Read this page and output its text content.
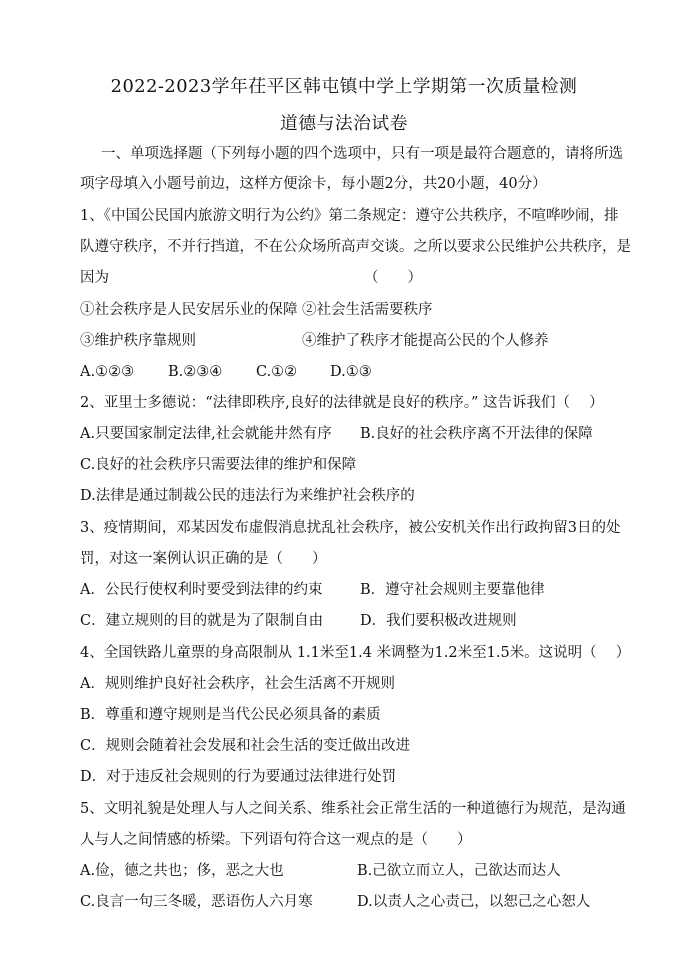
2022-2023学年茌平区韩屯镇中学上学期第一次质量检测
道德与法治试卷
一、单项选择题（下列每小题的四个选项中，只有一项是最符合题意的，请将所选
项字母填入小题号前边，这样方便涂卡，每小题2分，共20小题，40分）
1、《中国公民国内旅游文明行为公约》第二条规定：遵守公共秩序，不喧哗吵闹，排
队遵守秩序，不并行挡道，不在公众场所高声交谈。之所以要求公民维护公共秩序，是
因为	（　　）
①社会秩序是人民安居乐业的保障 ②社会生活需要秩序
③维护秩序靠规则	④维护了秩序才能提高公民的个人修养
A.①②③ B.②③④ C.①② D.①③
2、亚里士多德说：“法律即秩序,良好的法律就是良好的秩序。” 这告诉我们（　 ）
A.只要国家制定法律,社会就能井然有序 B.良好的社会秩序离不开法律的保障
C.良好的社会秩序只需要法律的维护和保障
D.法律是通过制裁公民的违法行为来维护社会秩序的
3、疫情期间，邓某因发布虚假消息扰乱社会秩序，被公安机关作出行政拘留3日的处
罚，对这一案例认识正确的是（　　）
A．公民行使权利时要受到法律的约束	B．遵守社会规则主要靠他律
C．建立规则的目的就是为了限制自由	D．我们要积极改进规则
4、全国铁路儿童票的身高限制从 1.1米至1.4 米调整为1.2米至1.5米。这说明（　 ）
A．规则维护良好社会秩序，社会生活离不开规则
B．尊重和遵守规则是当代公民必须具备的素质
C．规则会随着社会发展和社会生活的变迁做出改进
D．对于违反社会规则的行为要通过法律进行处罚
5、文明礼貌是处理人与人之间关系、维系社会正常生活的一种道德行为规范，是沟通
人与人之间情感的桥梁。下列语句符合这一观点的是（　　）
A.俭，德之共也；侈，恶之大也	B.己欲立而立人，己欲达而达人
C.良言一句三冬暖，恶语伤人六月寒	D.以责人之心责己，以恕己之心恕人
